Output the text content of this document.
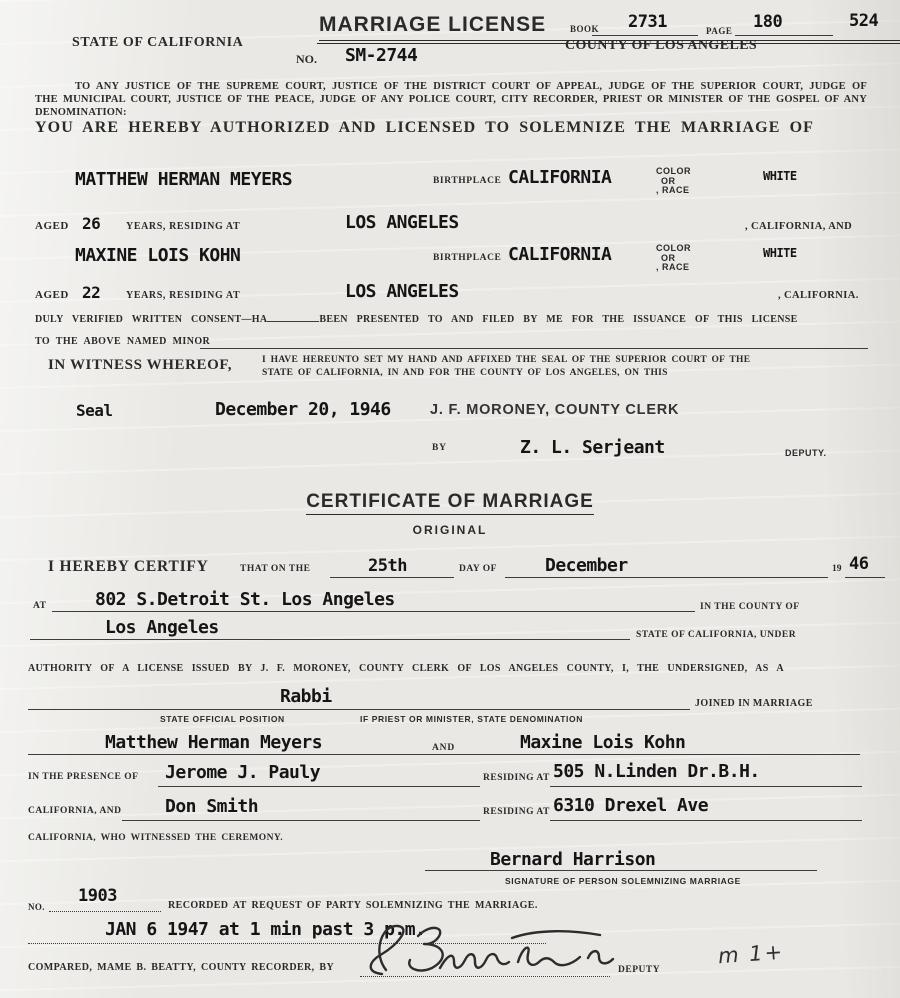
MARRIAGE LICENSE	524
BOOK 2731	PAGE 180
STATE OF CALIFORNIA	COUNTY OF LOS ANGELES
NO. SM-2744
TO ANY JUSTICE OF THE SUPREME COURT, JUSTICE OF THE DISTRICT COURT OF APPEAL, JUDGE OF THE SUPERIOR COURT, JUDGE OF THE MUNICIPAL COURT, JUSTICE OF THE PEACE, JUDGE OF ANY POLICE COURT, CITY RECORDER, PRIEST OR MINISTER OF THE GOSPEL OF ANY DENOMINATION:
YOU ARE HEREBY AUTHORIZED AND LICENSED TO SOLEMNIZE THE MARRIAGE OF
MATTHEW HERMAN MEYERS	BIRTHPLACE CALIFORNIA	COLOR
OR
, RACE
WHITE
AGED 26	YEARS, RESIDING AT	LOS ANGELES	, CALIFORNIA, AND
MAXINE LOIS KOHN	BIRTHPLACE CALIFORNIA	COLOR
OR
, RACE
WHITE
AGED 22	YEARS, RESIDING AT	LOS ANGELES	, CALIFORNIA.
DULY VERIFIED WRITTEN CONSENT—HA	BEEN PRESENTED TO AND FILED BY ME FOR THE ISSUANCE OF THIS LICENSE
TO THE ABOVE NAMED MINOR
IN WITNESS WHEREOF,	I HAVE HEREUNTO SET MY HAND AND AFFIXED THE SEAL OF THE SUPERIOR COURT OF THE
STATE OF CALIFORNIA, IN AND FOR THE COUNTY OF LOS ANGELES, ON THIS
Seal	December 20, 1946	J. F. MORONEY, COUNTY CLERK
BY	Z. L. Serjeant	DEPUTY.
CERTIFICATE OF MARRIAGE
ORIGINAL
I HEREBY CERTIFY	THAT ON THE	25th	DAY OF	December	19 46
AT	802 S.Detroit St. Los Angeles	IN THE COUNTY OF
Los Angeles	STATE OF CALIFORNIA, UNDER
AUTHORITY OF A LICENSE ISSUED BY J. F. MORONEY, COUNTY CLERK OF LOS ANGELES COUNTY, I, THE UNDERSIGNED, AS A
Rabbi	JOINED IN MARRIAGE
STATE OFFICIAL POSITION	IF PRIEST OR MINISTER, STATE DENOMINATION
Matthew Herman Meyers	AND	Maxine Lois Kohn
IN THE PRESENCE OF Jerome J. Pauly	RESIDING AT 505 N.Linden Dr.B.H.
CALIFORNIA, AND Don Smith	RESIDING AT 6310 Drexel Ave
CALIFORNIA, WHO WITNESSED THE CEREMONY.
Bernard Harrison
SIGNATURE OF PERSON SOLEMNIZING MARRIAGE
1903
NO.	RECORDED AT REQUEST OF PARTY SOLEMNIZING THE MARRIAGE.
JAN 6 1947 at 1 min past 3 p.m.
COMPARED, MAME B. BEATTY, COUNTY RECORDER, BY	DEPUTY
m 1+
